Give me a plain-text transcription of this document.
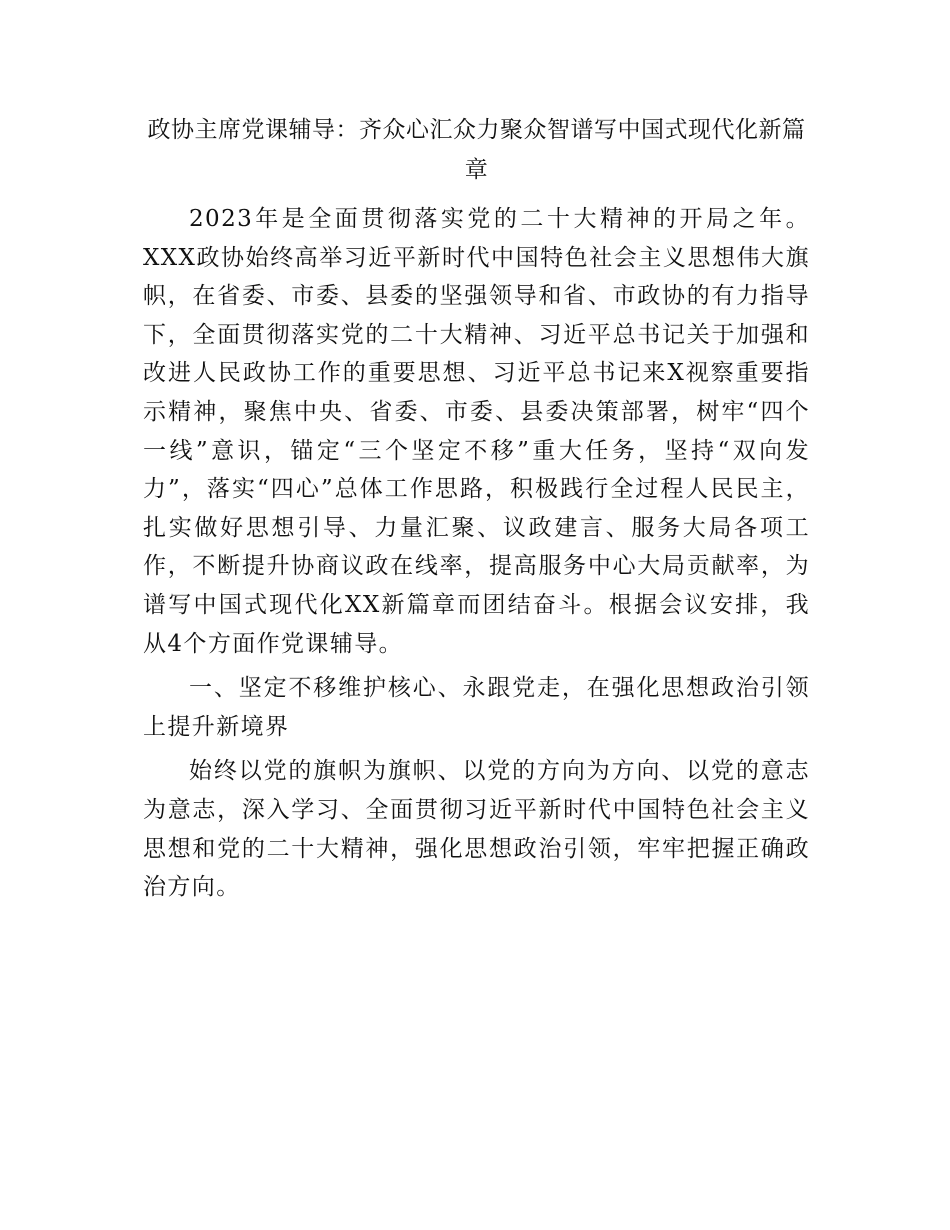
政协主席党课辅导：齐众心汇众力聚众智谱写中国式现代化新篇章

2023年是全面贯彻落实党的二十大精神的开局之年。XXX政协始终高举习近平新时代中国特色社会主义思想伟大旗帜，在省委、市委、县委的坚强领导和省、市政协的有力指导下，全面贯彻落实党的二十大精神、习近平总书记关于加强和改进人民政协工作的重要思想、习近平总书记来X视察重要指示精神，聚焦中央、省委、市委、县委决策部署，树牢“四个一线”意识，锚定“三个坚定不移”重大任务，坚持“双向发力”，落实“四心”总体工作思路，积极践行全过程人民民主，扎实做好思想引导、力量汇聚、议政建言、服务大局各项工作，不断提升协商议政在线率，提高服务中心大局贡献率，为谱写中国式现代化XX新篇章而团结奋斗。根据会议安排，我从4个方面作党课辅导。

一、坚定不移维护核心、永跟党走，在强化思想政治引领上提升新境界

始终以党的旗帜为旗帜、以党的方向为方向、以党的意志为意志，深入学习、全面贯彻习近平新时代中国特色社会主义思想和党的二十大精神，强化思想政治引领，牢牢把握正确政治方向。
